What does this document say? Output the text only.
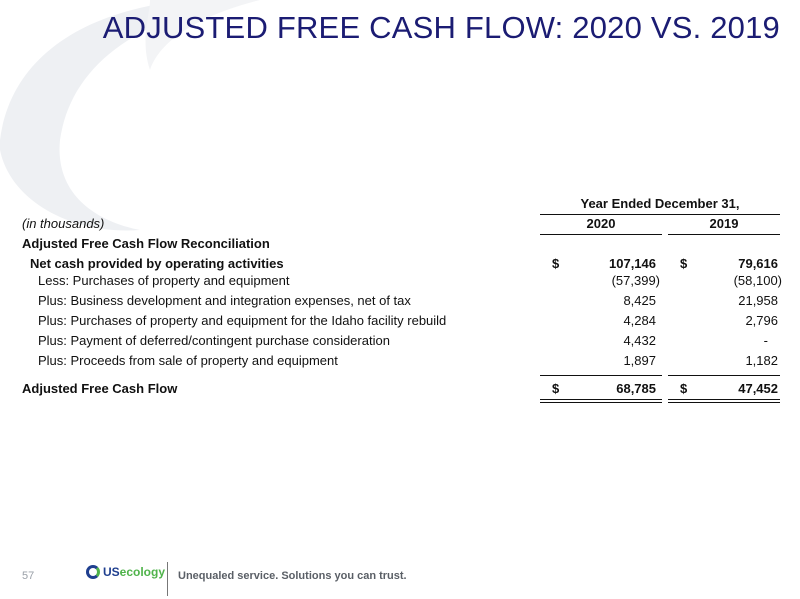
ADJUSTED FREE CASH FLOW: 2020 VS. 2019
Year Ended December 31,
(in thousands)	2020	2019
Adjusted Free Cash Flow Reconciliation
Net cash provided by operating activities	$	107,146 $	79,616
Less: Purchases of property and equipment	(57,399)	(58,100)
Plus: Business development and integration expenses, net of tax	8,425	21,958
Plus: Purchases of property and equipment for the Idaho facility rebuild	4,284	2,796
Plus: Payment of deferred/contingent purchase consideration	4,432	-
Plus: Proceeds from sale of property and equipment	1,897	1,182
Adjusted Free Cash Flow	$	68,785 $	47,452
57	US ecology Unequaled service. Solutions you can trust.
